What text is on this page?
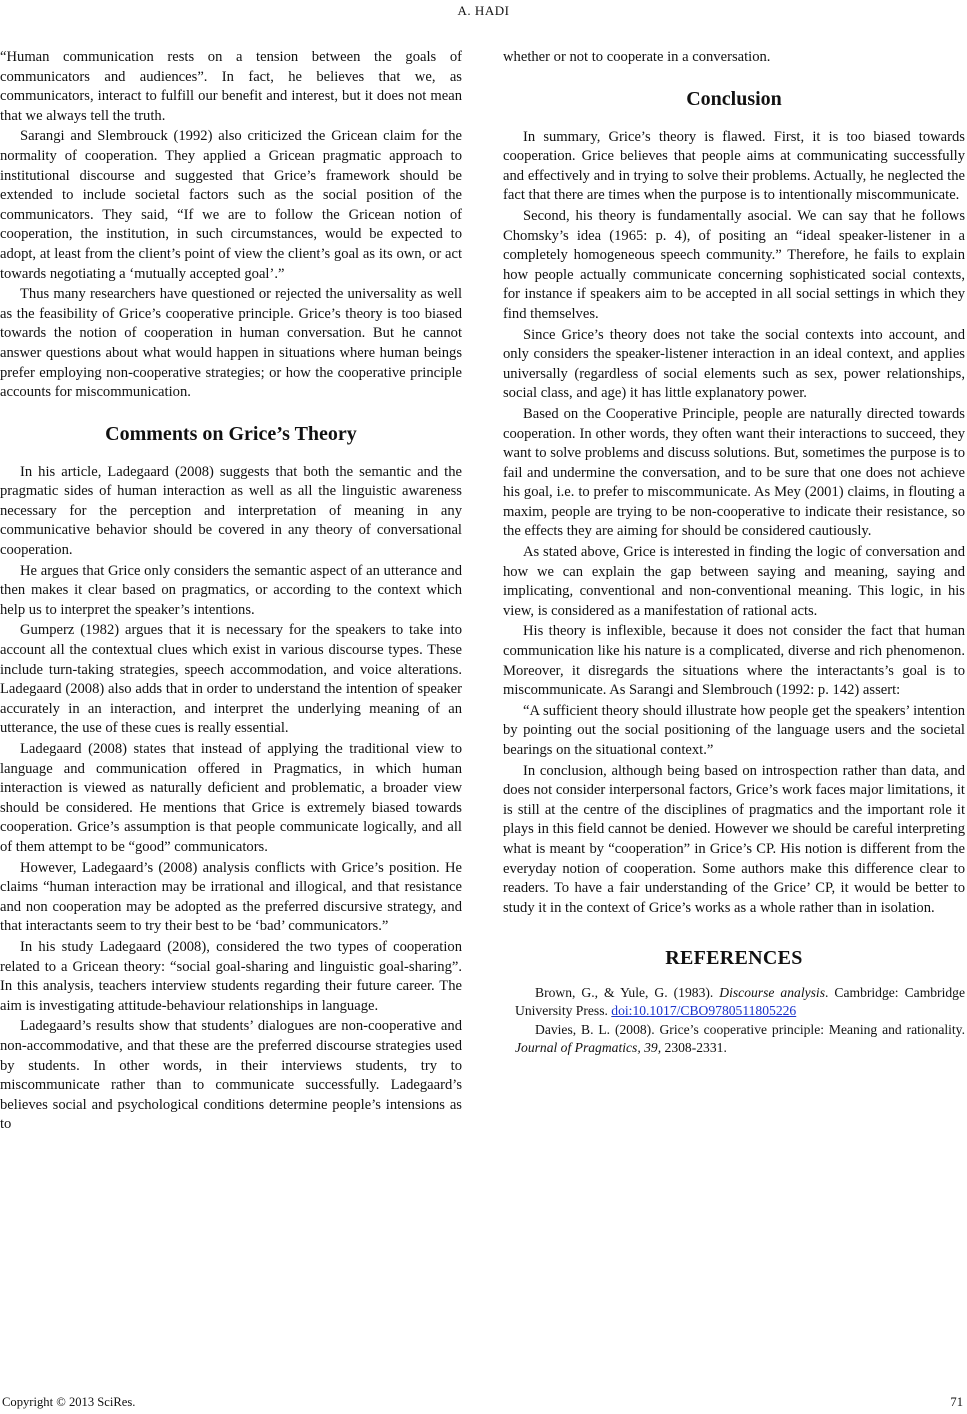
A. HADI

“Human communication rests on a tension between the goals of communicators and audiences”. In fact, he believes that we, as communicators, interact to fulfill our benefit and interest, but it does not mean that we always tell the truth.

Sarangi and Slembrouck (1992) also criticized the Gricean claim for the normality of cooperation. They applied a Gricean pragmatic approach to institutional discourse and suggested that Grice’s framework should be extended to include societal factors such as the social position of the communicators. They said, “If we are to follow the Gricean notion of cooperation, the institution, in such circumstances, would be expected to adopt, at least from the client’s point of view the client’s goal as its own, or act towards negotiating a ‘mutually accepted goal’.”

Thus many researchers have questioned or rejected the universality as well as the feasibility of Grice’s cooperative principle. Grice’s theory is too biased towards the notion of cooperation in human conversation. But he cannot answer questions about what would happen in situations where human beings prefer employing non-cooperative strategies; or how the cooperative principle accounts for miscommunication.

Comments on Grice’s Theory

In his article, Ladegaard (2008) suggests that both the semantic and the pragmatic sides of human interaction as well as all the linguistic awareness necessary for the perception and interpretation of meaning in any communicative behavior should be covered in any theory of conversational cooperation.

He argues that Grice only considers the semantic aspect of an utterance and then makes it clear based on pragmatics, or according to the context which help us to interpret the speaker’s intentions.

Gumperz (1982) argues that it is necessary for the speakers to take into account all the contextual clues which exist in various discourse types. These include turn-taking strategies, speech accommodation, and voice alterations. Ladegaard (2008) also adds that in order to understand the intention of speaker accurately in an interaction, and interpret the underlying meaning of an utterance, the use of these cues is really essential.

Ladegaard (2008) states that instead of applying the traditional view to language and communication offered in Pragmatics, in which human interaction is viewed as naturally deficient and problematic, a broader view should be considered. He mentions that Grice is extremely biased towards cooperation. Grice’s assumption is that people communicate logically, and all of them attempt to be “good” communicators.

However, Ladegaard’s (2008) analysis conflicts with Grice’s position. He claims “human interaction may be irrational and illogical, and that resistance and non cooperation may be adopted as the preferred discursive strategy, and that interactants seem to try their best to be ‘bad’ communicators.”

In his study Ladegaard (2008), considered the two types of cooperation related to a Gricean theory: “social goal-sharing and linguistic goal-sharing”. In this analysis, teachers interview students regarding their future career. The aim is investigating attitude-behaviour relationships in language.

Ladegaard’s results show that students’ dialogues are non-cooperative and non-accommodative, and that these are the preferred discourse strategies used by students. In other words, in their interviews students, try to miscommunicate rather than to communicate successfully. Ladegaard’s believes social and psychological conditions determine people’s intensions as to

whether or not to cooperate in a conversation.

Conclusion

In summary, Grice’s theory is flawed. First, it is too biased towards cooperation. Grice believes that people aims at communicating successfully and effectively and in trying to solve their problems. Actually, he neglected the fact that there are times when the purpose is to intentionally miscommunicate.

Second, his theory is fundamentally asocial. We can say that he follows Chomsky’s idea (1965: p. 4), of positing an “ideal speaker-listener in a completely homogeneous speech community.” Therefore, he fails to explain how people actually communicate concerning sophisticated social contexts, for instance if speakers aim to be accepted in all social settings in which they find themselves.

Since Grice’s theory does not take the social contexts into account, and only considers the speaker-listener interaction in an ideal context, and applies universally (regardless of social elements such as sex, power relationships, social class, and age) it has little explanatory power.

Based on the Cooperative Principle, people are naturally directed towards cooperation. In other words, they often want their interactions to succeed, they want to solve problems and discuss solutions. But, sometimes the purpose is to fail and undermine the conversation, and to be sure that one does not achieve his goal, i.e. to prefer to miscommunicate. As Mey (2001) claims, in flouting a maxim, people are trying to be non-cooperative to indicate their resistance, so the effects they are aiming for should be considered cautiously.

As stated above, Grice is interested in finding the logic of conversation and how we can explain the gap between saying and meaning, saying and implicating, conventional and non-conventional meaning. This logic, in his view, is considered as a manifestation of rational acts.

His theory is inflexible, because it does not consider the fact that human communication like his nature is a complicated, diverse and rich phenomenon. Moreover, it disregards the situations where the interactants’s goal is to miscommunicate. As Sarangi and Slembrouch (1992: p. 142) assert:

“A sufficient theory should illustrate how people get the speakers’ intention by pointing out the social positioning of the language users and the societal bearings on the situational context.”

In conclusion, although being based on introspection rather than data, and does not consider interpersonal factors, Grice’s work faces major limitations, it is still at the centre of the disciplines of pragmatics and the important role it plays in this field cannot be denied. However we should be careful interpreting what is meant by “cooperation” in Grice’s CP. His notion is different from the everyday notion of cooperation. Some authors make this difference clear to readers. To have a fair understanding of the Grice’ CP, it would be better to study it in the context of Grice’s works as a whole rather than in isolation.

REFERENCES

Brown, G., & Yule, G. (1983). Discourse analysis. Cambridge: Cambridge University Press. doi:10.1017/CBO9780511805226

Davies, B. L. (2008). Grice’s cooperative principle: Meaning and rationality. Journal of Pragmatics, 39, 2308-2331.

Copyright © 2013 SciRes.	71
